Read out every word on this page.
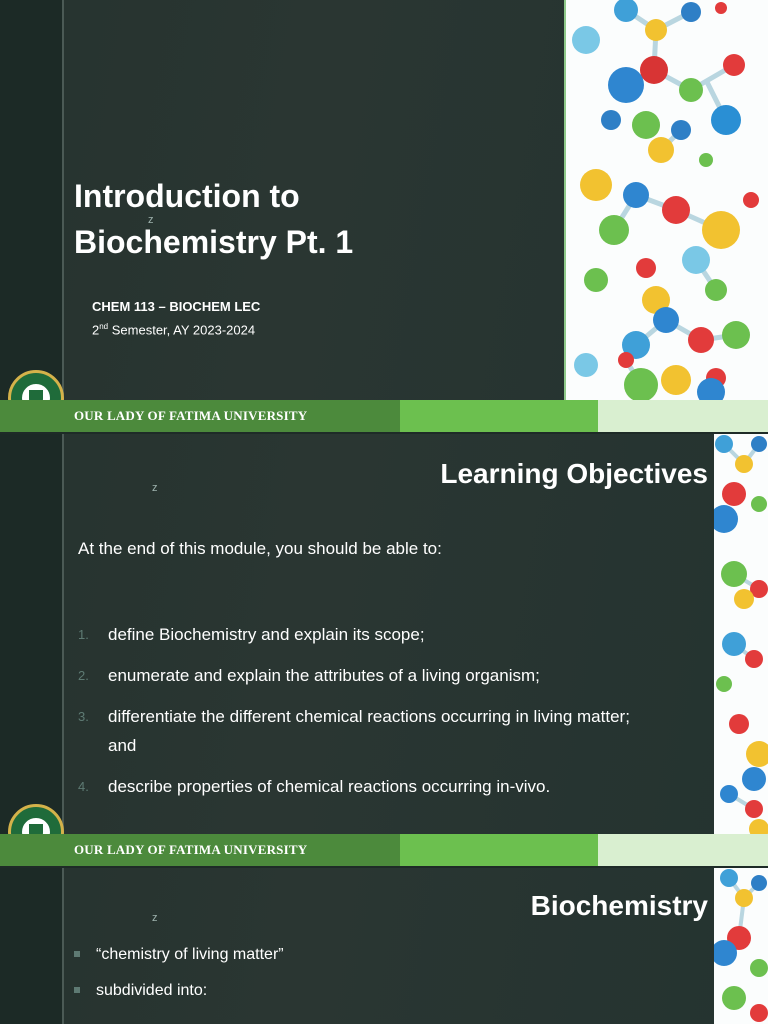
Introduction to
Biochemistry Pt. 1
z
CHEM 113 – BIOCHEM LEC
2nd Semester, AY 2023-2024
OUR LADY OF FATIMA UNIVERSITY
Learning Objectives
z
At the end of this module, you should be able to:
1. define Biochemistry and explain its scope;
2. enumerate and explain the attributes of a living organism;
3. differentiate the different chemical reactions occurring in living matter; and
4. describe properties of chemical reactions occurring in-vivo.
OUR LADY OF FATIMA UNIVERSITY
Biochemistry
z
“chemistry of living matter”
subdivided into:
